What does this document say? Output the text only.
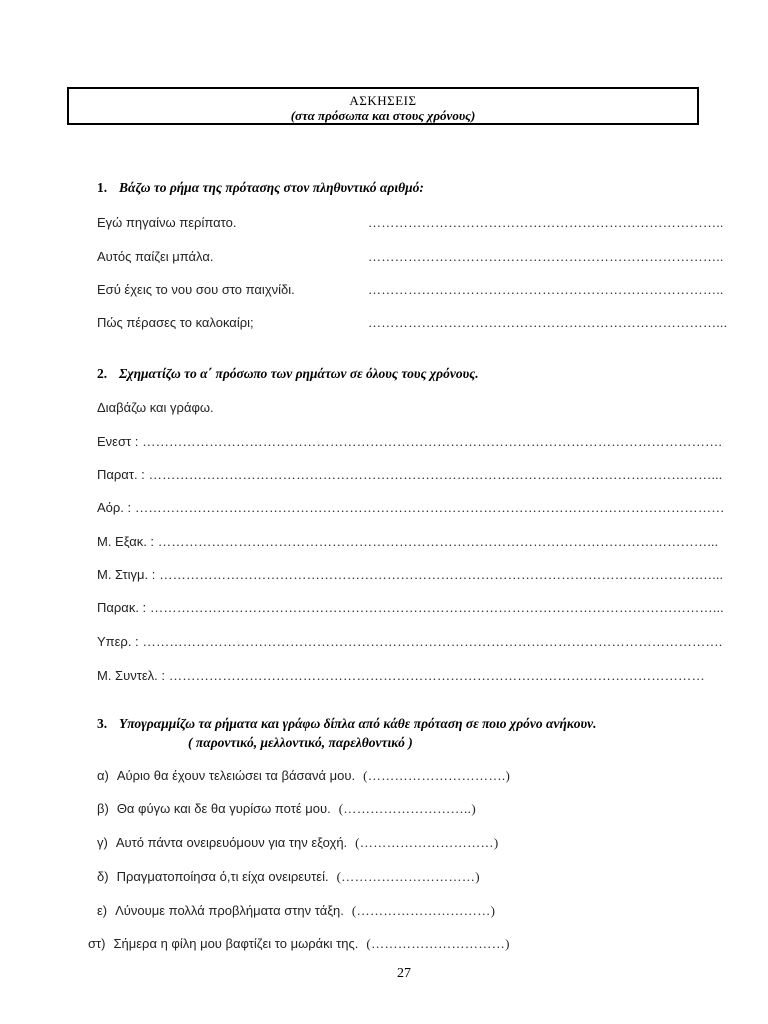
ΑΣΚΗΣΕΙΣ
(στα πρόσωπα και στους χρόνους)
1. Βάζω το ρήμα της πρότασης στον πληθυντικό αριθμό:
Εγώ πηγαίνω περίπατο.	……………………………………………………………………..
Αυτός παίζει μπάλα.	……………………………………………………………………..
Εσύ έχεις το νου σου στο παιχνίδι.	……………………………………………………………………..
Πώς πέρασες το καλοκαίρι;	……………………………………………………………………...
2. Σχηματίζω το α΄ πρόσωπο των ρημάτων σε όλους τους χρόνους.
Διαβάζω και γράφω.
Ενεστ : ………………………………………………………………………………………………………………….
Παρατ. : ………………………………………………………………………………………………………………...
Αόρ. : ……………………………………………………………………………………………………………………
Μ. Εξακ. : ……………………………………………………………………………………………………………...
Μ. Στιγμ. : ………………………………………………………………………………………………………….…...
Παρακ. : ………………………………………………………………………………………………………………...
Υπερ. : ………………………………………………………………………………………………………………….
Μ. Συντελ. : …………………………………………………………………………………………………………
3. Υπογραμμίζω τα ρήματα και γράφω δίπλα από κάθε πρόταση σε ποιο χρόνο ανήκουν.
( παροντικό, μελλοντικό, παρελθοντικό )
α) Αύριο θα έχουν τελειώσει τα βάσανά μου. (………………………….)
β) Θα φύγω και δε θα γυρίσω ποτέ μου. (………………………..)
γ) Αυτό πάντα ονειρευόμουν για την εξοχή. (…………………………)
δ) Πραγματοποίησα ό,τι είχα ονειρευτεί. (…………………………)
ε) Λύνουμε πολλά προβλήματα στην τάξη. (…………………………)
στ) Σήμερα η φίλη μου βαφτίζει το μωράκι της. (…………………………)
27
